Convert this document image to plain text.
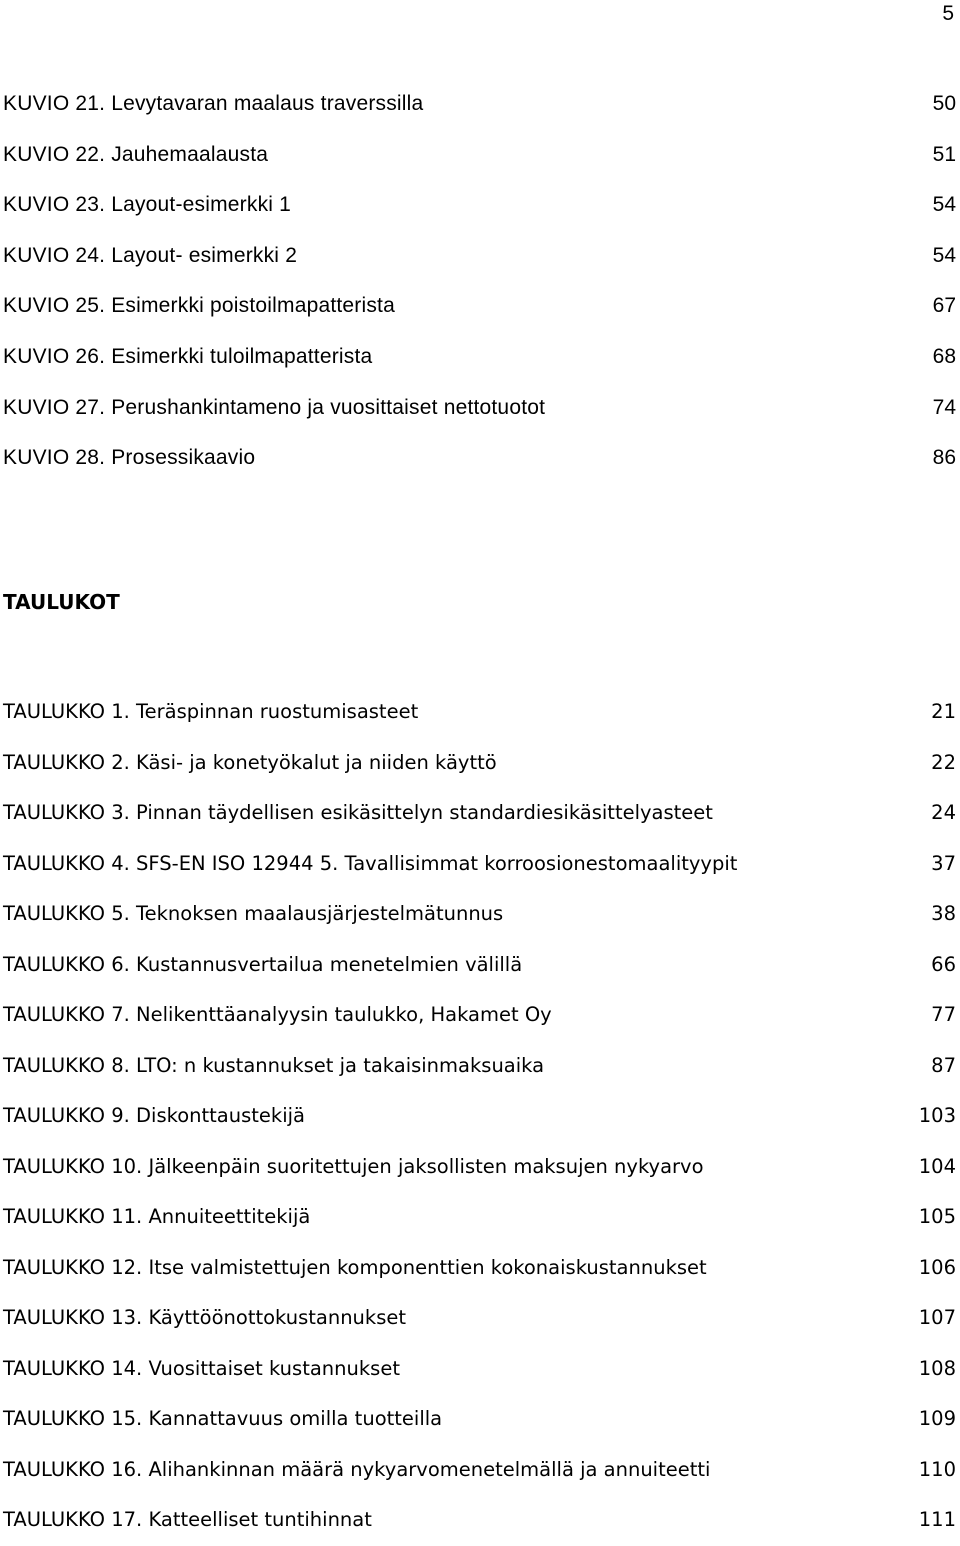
5
KUVIO 21. Levytavaran maalaus traverssilla	50
KUVIO 22. Jauhemaalausta	51
KUVIO 23. Layout-esimerkki 1	54
KUVIO 24. Layout- esimerkki 2	54
KUVIO 25. Esimerkki poistoilmapatterista	67
KUVIO 26. Esimerkki tuloilmapatterista	68
KUVIO 27. Perushankintameno ja vuosittaiset nettotuotot	74
KUVIO 28. Prosessikaavio	86
TAULUKOT
TAULUKKO 1. Teräspinnan ruostumisasteet	21
TAULUKKO 2. Käsi- ja konetyökalut ja niiden käyttö	22
TAULUKKO 3. Pinnan täydellisen esikäsittelyn standardiesikäsittelyasteet	24
TAULUKKO 4. SFS-EN ISO 12944 5. Tavallisimmat korroosionestomaalityypit	37
TAULUKKO 5. Teknoksen maalausjärjestelmätunnus	38
TAULUKKO 6. Kustannusvertailua menetelmien välillä	66
TAULUKKO 7. Nelikenttäanalyysin taulukko, Hakamet Oy	77
TAULUKKO 8. LTO: n kustannukset ja takaisinmaksuaika	87
TAULUKKO 9. Diskonttaustekijä	103
TAULUKKO 10. Jälkeenpäin suoritettujen jaksollisten maksujen nykyarvo	104
TAULUKKO 11. Annuiteettitekijä	105
TAULUKKO 12. Itse valmistettujen komponenttien kokonaiskustannukset	106
TAULUKKO 13. Käyttöönottokustannukset	107
TAULUKKO 14. Vuosittaiset kustannukset	108
TAULUKKO 15. Kannattavuus omilla tuotteilla	109
TAULUKKO 16. Alihankinnan määrä nykyarvomenetelmällä ja annuiteetti	110
TAULUKKO 17. Katteelliset tuntihinnat	111
